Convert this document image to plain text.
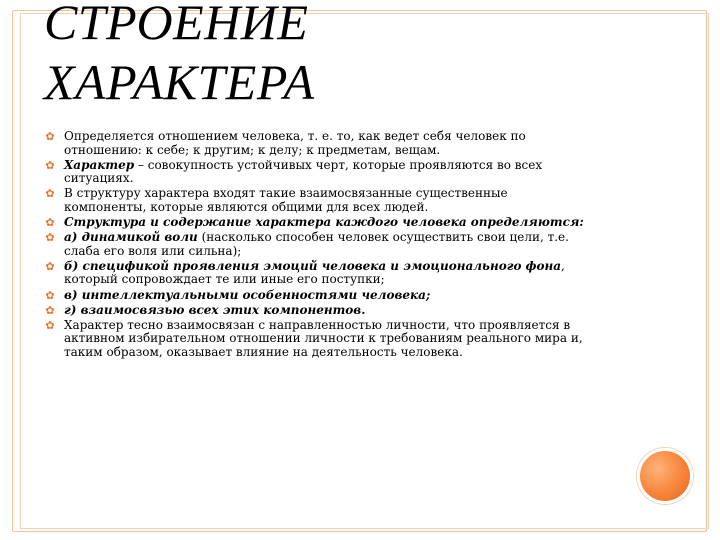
СТРОЕНИЕ
ХАРАКТЕРА
✿ Определяется отношением человека, т. е. то, как ведет себя человек по отношению: к себе; к другим; к делу; к предметам, вещам.
✿ Характер – совокупность устойчивых черт, которые проявляются во всех ситуациях.
✿ В структуру характера входят такие взаимосвязанные существенные компоненты, которые являются общими для всех людей.
✿ Структура и содержание характера каждого человека определяются:
✿ а) динамикой воли (насколько способен человек осуществить свои цели, т.е. слаба его воля или сильна);
✿ б) спецификой проявления эмоций человека и эмоционального фона, который сопровождает те или иные его поступки;
✿ в) интеллектуальными особенностями человека;
✿ г) взаимосвязью всех этих компонентов.
✿ Характер тесно взаимосвязан с направленностью личности, что проявляется в активном избирательном отношении личности к требованиям реального мира и, таким образом, оказывает влияние на деятельность человека.
